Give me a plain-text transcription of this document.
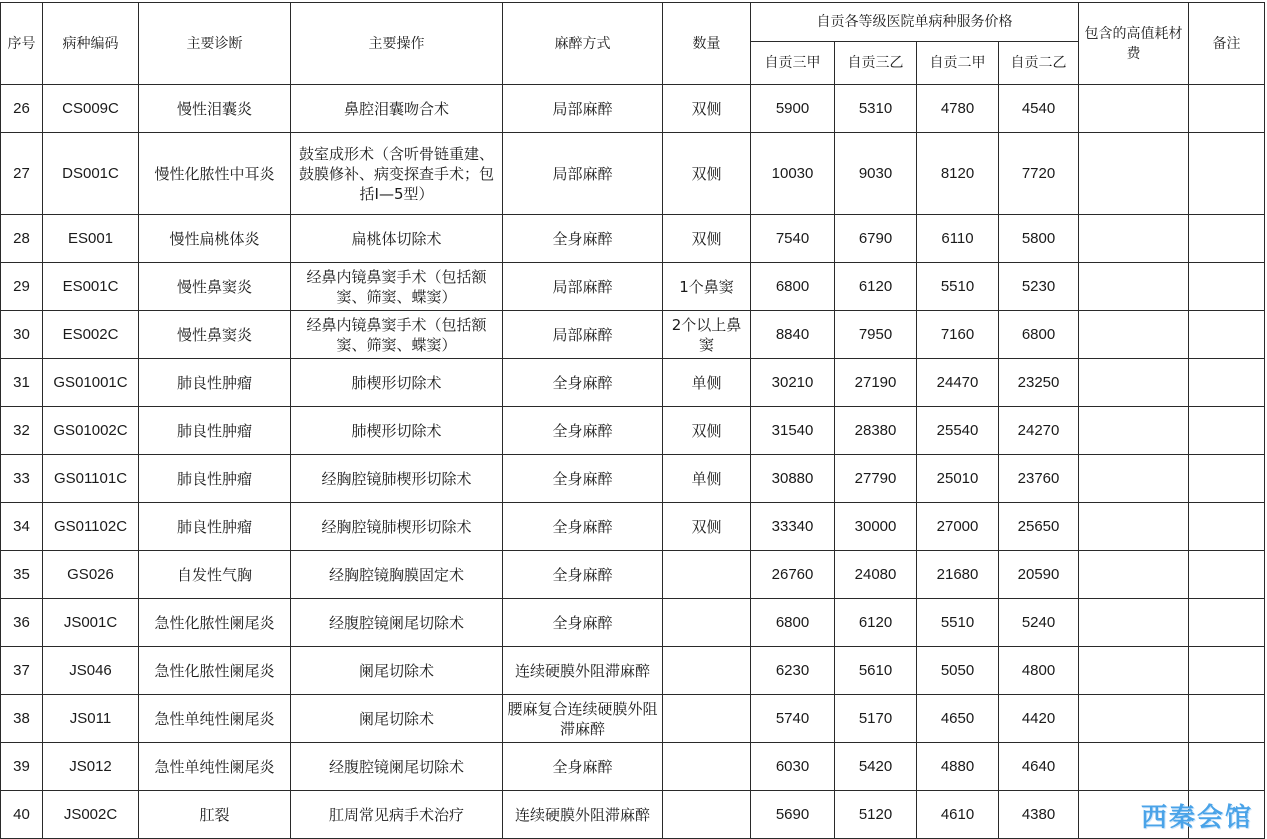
序号	病种编码	主要诊断	主要操作	麻醉方式	数量	自贡各等级医院单病种服务价格				包含的高值耗材费	备注
						自贡三甲	自贡三乙	自贡二甲	自贡二乙		
26	CS009C	慢性泪囊炎	鼻腔泪囊吻合术	局部麻醉	双侧	5900	5310	4780	4540		
27	DS001C	慢性化脓性中耳炎	鼓室成形术（含听骨链重建、鼓膜修补、病变探查手术；包括I—5型）	局部麻醉	双侧	10030	9030	8120	7720		
28	ES001	慢性扁桃体炎	扁桃体切除术	全身麻醉	双侧	7540	6790	6110	5800		
29	ES001C	慢性鼻窦炎	经鼻内镜鼻窦手术（包括额窦、筛窦、蝶窦）	局部麻醉	1个鼻窦	6800	6120	5510	5230		
30	ES002C	慢性鼻窦炎	经鼻内镜鼻窦手术（包括额窦、筛窦、蝶窦）	局部麻醉	2个以上鼻窦	8840	7950	7160	6800		
31	GS01001C	肺良性肿瘤	肺楔形切除术	全身麻醉	单侧	30210	27190	24470	23250		
32	GS01002C	肺良性肿瘤	肺楔形切除术	全身麻醉	双侧	31540	28380	25540	24270		
33	GS01101C	肺良性肿瘤	经胸腔镜肺楔形切除术	全身麻醉	单侧	30880	27790	25010	23760		
34	GS01102C	肺良性肿瘤	经胸腔镜肺楔形切除术	全身麻醉	双侧	33340	30000	27000	25650		
35	GS026	自发性气胸	经胸腔镜胸膜固定术	全身麻醉		26760	24080	21680	20590		
36	JS001C	急性化脓性阑尾炎	经腹腔镜阑尾切除术	全身麻醉		6800	6120	5510	5240		
37	JS046	急性化脓性阑尾炎	阑尾切除术	连续硬膜外阻滞麻醉		6230	5610	5050	4800		
38	JS011	急性单纯性阑尾炎	阑尾切除术	腰麻复合连续硬膜外阻滞麻醉		5740	5170	4650	4420		
39	JS012	急性单纯性阑尾炎	经腹腔镜阑尾切除术	全身麻醉		6030	5420	4880	4640		
40	JS002C	肛裂	肛周常见病手术治疗	连续硬膜外阻滞麻醉		5690	5120	4610	4380			西秦会馆
